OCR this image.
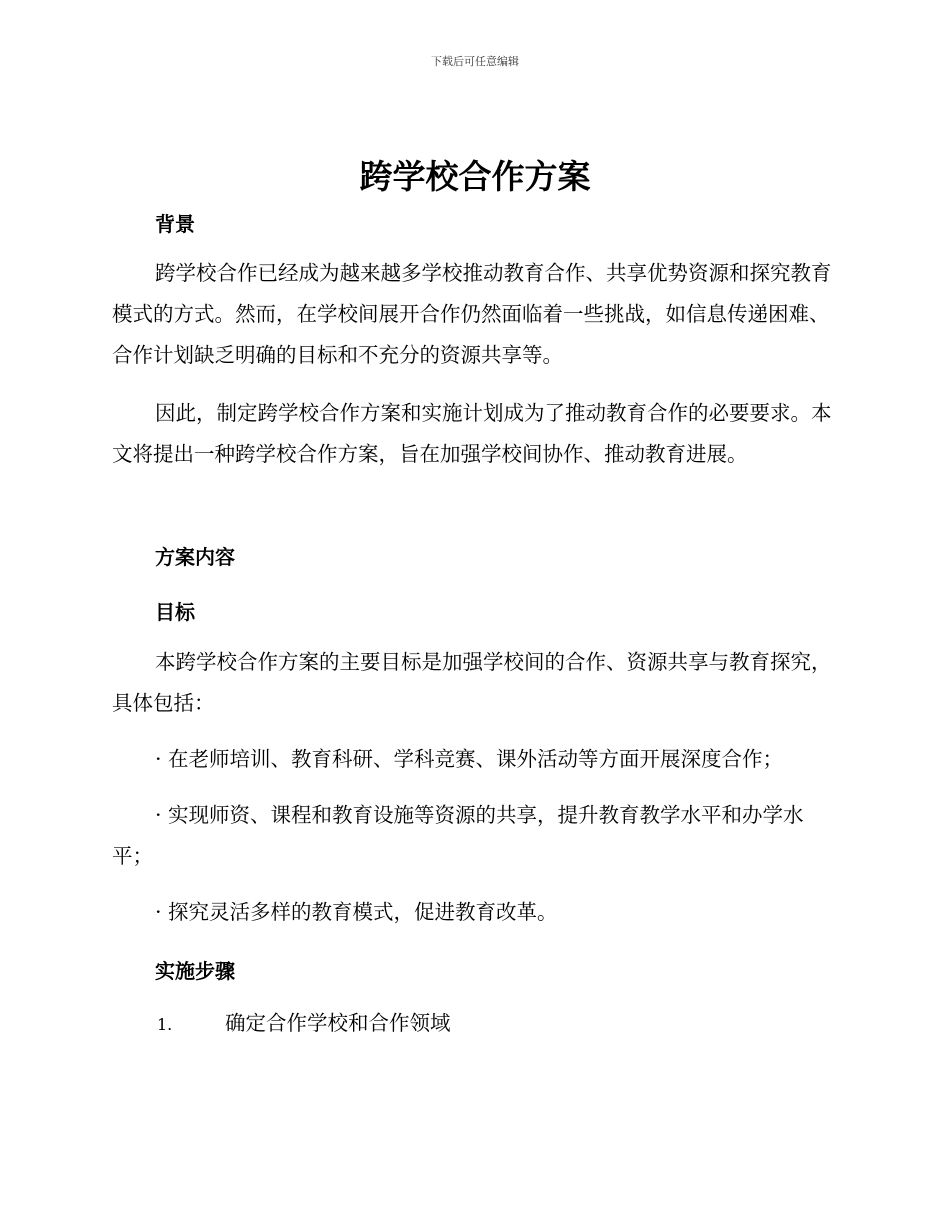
下载后可任意编辑
跨学校合作方案
背景
跨学校合作已经成为越来越多学校推动教育合作、共享优势资源和探究教育模式的方式。然而，在学校间展开合作仍然面临着一些挑战，如信息传递困难、合作计划缺乏明确的目标和不充分的资源共享等。
因此，制定跨学校合作方案和实施计划成为了推动教育合作的必要要求。本文将提出一种跨学校合作方案，旨在加强学校间协作、推动教育进展。
方案内容
目标
本跨学校合作方案的主要目标是加强学校间的合作、资源共享与教育探究，具体包括：
· 在老师培训、教育科研、学科竞赛、课外活动等方面开展深度合作；
· 实现师资、课程和教育设施等资源的共享，提升教育教学水平和办学水平；
· 探究灵活多样的教育模式，促进教育改革。
实施步骤
1.	确定合作学校和合作领域
